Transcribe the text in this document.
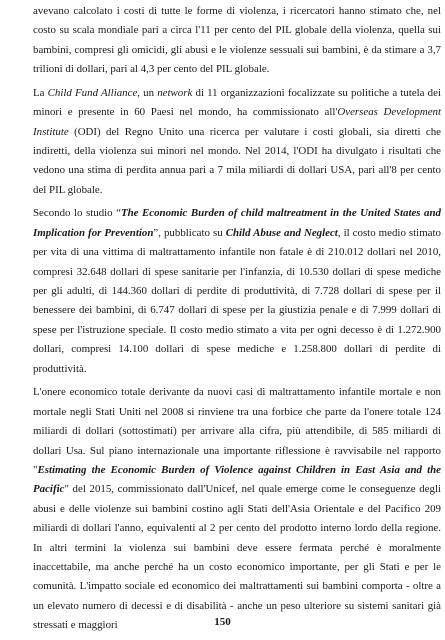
avevano calcolato i costi di tutte le forme di violenza, i ricercatori hanno stimato che, nel costo su scala mondiale pari a circa l'11 per cento del PIL globale della violenza, quella sui bambini, compresi gli omicidi, gli abusi e le violenze sessuali sui bambini, è da stimare a 3,7 trilioni di dollari, pari al 4,3 per cento del PIL globale.

La Child Fund Alliance, un network di 11 organizzazioni focalizzate su politiche a tutela dei minori e presente in 60 Paesi nel mondo, ha commissionato all'Overseas Development Institute (ODI) del Regno Unito una ricerca per valutare i costi globali, sia diretti che indiretti, della violenza sui minori nel mondo. Nel 2014, l'ODI ha divulgato i risultati che vedono una stima di perdita annua pari a 7 mila miliardi di dollari USA, pari all'8 per cento del PIL globale.

Secondo lo studio “The Economic Burden of child maltreatment in the United States and Implication for Prevention”, pubblicato su Child Abuse and Neglect, il costo medio stimato per vita di una vittima di maltrattamento infantile non fatale è di 210.012 dollari nel 2010, compresi 32.648 dollari di spese sanitarie per l'infanzia, di 10.530 dollari di spese mediche per gli adulti, di 144.360 dollari di perdite di produttività, di 7.728 dollari di spese per il benessere dei bambini, di 6.747 dollari di spese per la giustizia penale e di 7.999 dollari di spese per l'istruzione speciale. Il costo medio stimato a vita per ogni decesso è di 1.272.900 dollari, compresi 14.100 dollari di spese mediche e 1.258.800 dollari di perdite di produttività.

L'onere economico totale derivante da nuovi casi di maltrattamento infantile mortale e non mortale negli Stati Uniti nel 2008 si rinviene tra una forbice che parte da l'onere totale 124 miliardi di dollari (sottostimati) per arrivare alla cifra, più attendibile, di 585 miliardi di dollari Usa. Sul piano internazionale una importante riflessione è ravvisabile nel rapporto "Estimating the Economic Burden of Violence against Children in East Asia and the Pacific" del 2015, commissionato dall'Unicef, nel quale emerge come le conseguenze degli abusi e delle violenze sui bambini costino agli Stati dell'Asia Orientale e del Pacifico 209 miliardi di dollari l'anno, equivalenti al 2 per cento del prodotto interno lordo della regione. In altri termini la violenza sui bambini deve essere fermata perché è moralmente inaccettabile, ma anche perché ha un costo economico importante, per gli Stati e per le comunità. L'impatto sociale ed economico dei maltrattamenti sui bambini comporta - oltre a un elevato numero di decessi e di disabilità - anche un peso ulteriore su sistemi sanitari già stressati e maggiori	150
